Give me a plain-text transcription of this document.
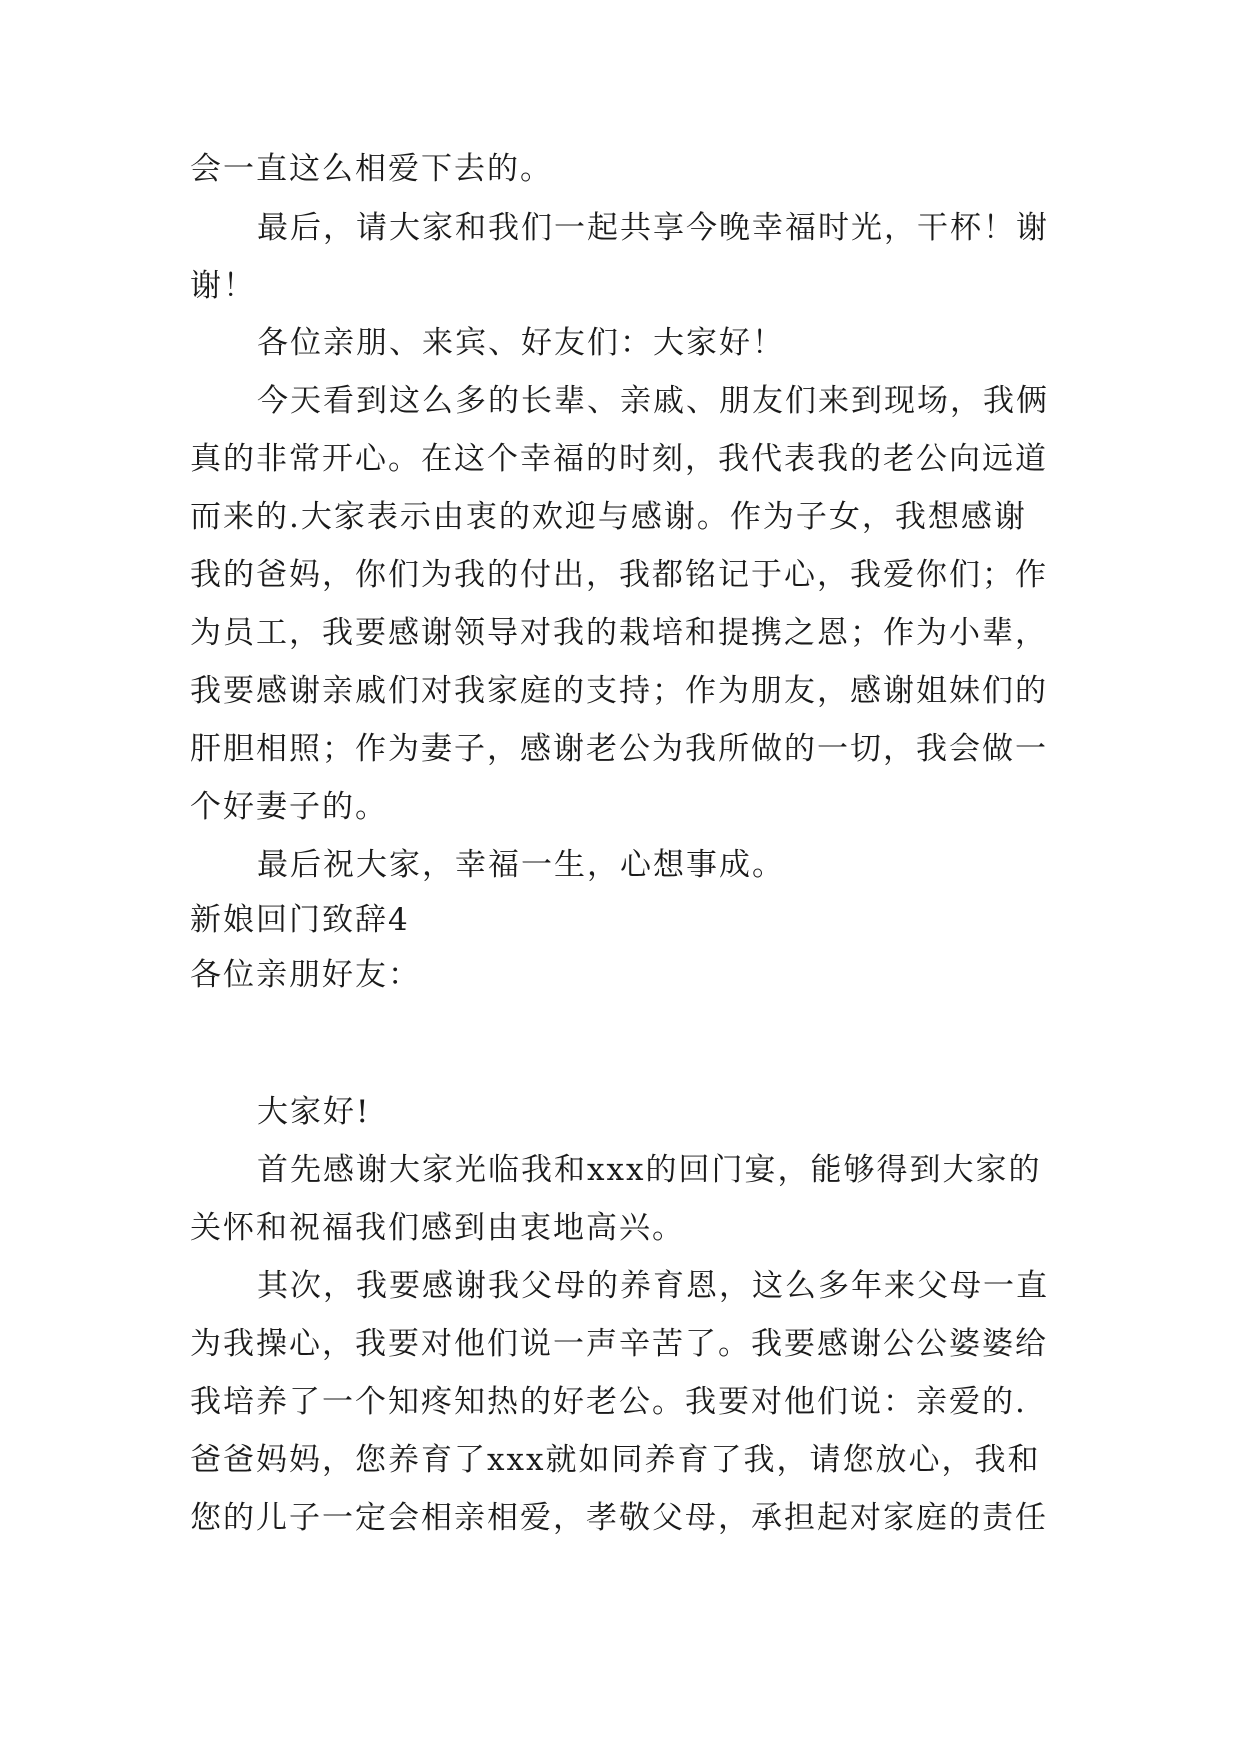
会一直这么相爱下去的。
最后，请大家和我们一起共享今晚幸福时光，干杯！谢
谢！
各位亲朋、来宾、好友们：大家好！
今天看到这么多的长辈、亲戚、朋友们来到现场，我俩
真的非常开心。在这个幸福的时刻，我代表我的老公向远道
而来的.大家表示由衷的欢迎与感谢。作为子女，我想感谢
我的爸妈，你们为我的付出，我都铭记于心，我爱你们；作
为员工，我要感谢领导对我的栽培和提携之恩；作为小辈，
我要感谢亲戚们对我家庭的支持；作为朋友，感谢姐妹们的
肝胆相照；作为妻子，感谢老公为我所做的一切，我会做一
个好妻子的。
最后祝大家，幸福一生，心想事成。
新娘回门致辞4
各位亲朋好友：
大家好!
首先感谢大家光临我和xxx的回门宴，能够得到大家的
关怀和祝福我们感到由衷地高兴。
其次，我要感谢我父母的养育恩，这么多年来父母一直
为我操心，我要对他们说一声辛苦了。我要感谢公公婆婆给
我培养了一个知疼知热的好老公。我要对他们说：亲爱的.
爸爸妈妈，您养育了xxx就如同养育了我，请您放心，我和
您的儿子一定会相亲相爱，孝敬父母，承担起对家庭的责任
